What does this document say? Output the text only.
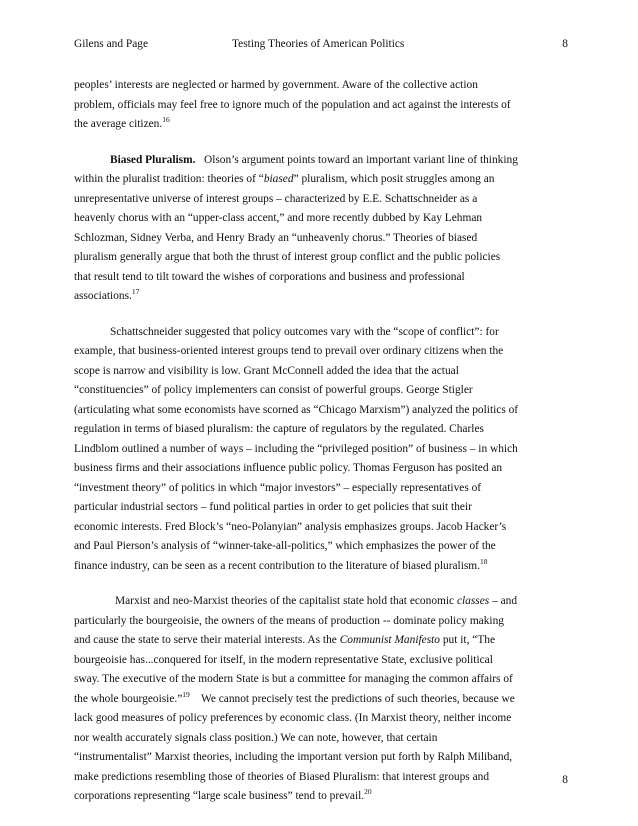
Gilens and Page	Testing Theories of American Politics	8
peoples’ interests are neglected or harmed by government. Aware of the collective action
problem, officials may feel free to ignore much of the population and act against the interests of
the average citizen.$^{16}$
Biased Pluralism.   Olson’s argument points toward an important variant line of thinking
within the pluralist tradition: theories of “biased” pluralism, which posit struggles among an
unrepresentative universe of interest groups – characterized by E.E. Schattschneider as a
heavenly chorus with an “upper-class accent,” and more recently dubbed by Kay Lehman
Schlozman, Sidney Verba, and Henry Brady an “unheavenly chorus.” Theories of biased
pluralism generally argue that both the thrust of interest group conflict and the public policies
that result tend to tilt toward the wishes of corporations and business and professional
associations.$^{17}$
Schattschneider suggested that policy outcomes vary with the “scope of conflict”: for
example, that business-oriented interest groups tend to prevail over ordinary citizens when the
scope is narrow and visibility is low. Grant McConnell added the idea that the actual
“constituencies” of policy implementers can consist of powerful groups. George Stigler
(articulating what some economists have scorned as “Chicago Marxism”) analyzed the politics of
regulation in terms of biased pluralism: the capture of regulators by the regulated. Charles
Lindblom outlined a number of ways – including the “privileged position” of business – in which
business firms and their associations influence public policy. Thomas Ferguson has posited an
“investment theory” of politics in which “major investors” – especially representatives of
particular industrial sectors – fund political parties in order to get policies that suit their
economic interests. Fred Block’s “neo-Polanyian” analysis emphasizes groups. Jacob Hacker’s
and Paul Pierson’s analysis of “winner-take-all-politics,” which emphasizes the power of the
finance industry, can be seen as a recent contribution to the literature of biased pluralism.$^{18}$
Marxist and neo-Marxist theories of the capitalist state hold that economic classes – and
particularly the bourgeoisie, the owners of the means of production -- dominate policy making
and cause the state to serve their material interests. As the Communist Manifesto put it, “The
bourgeoisie has...conquered for itself, in the modern representative State, exclusive political
sway. The executive of the modern State is but a committee for managing the common affairs of
the whole bourgeoisie.”$^{19}$    We cannot precisely test the predictions of such theories, because we
lack good measures of policy preferences by economic class. (In Marxist theory, neither income
nor wealth accurately signals class position.) We can note, however, that certain
“instrumentalist” Marxist theories, including the important version put forth by Ralph Miliband,
make predictions resembling those of theories of Biased Pluralism: that interest groups and
corporations representing “large scale business” tend to prevail.$^{20}$
8
